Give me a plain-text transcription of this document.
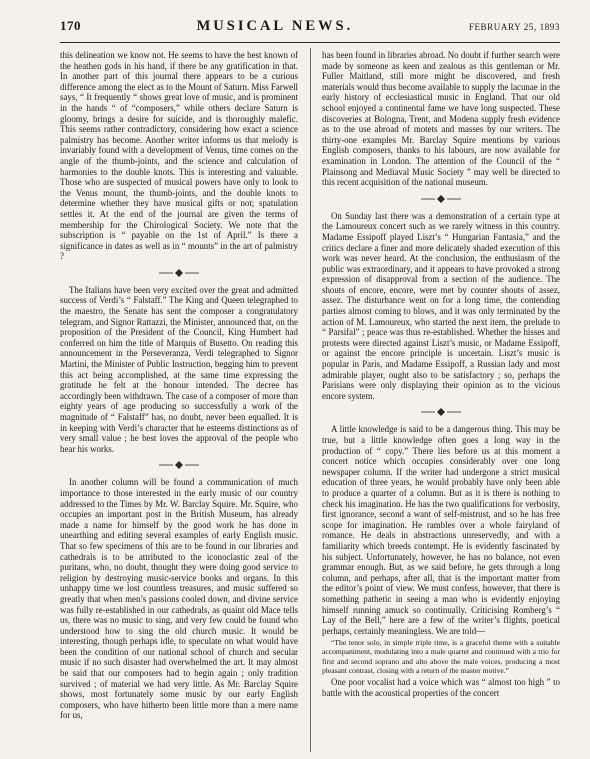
170	MUSICAL NEWS.	FEBRUARY 25, 1893

this delineation we know not. He seems to have the best known of the heathen gods in his hand, if there be any gratification in that. In another part of this journal there appears to be a curious difference among the elect as to the Mount of Saturn. Miss Farwell says, “ It frequently “ shows great love of music, and is prominent in the hands “ of “composers,” while others declare Saturn is gloomy, brings a desire for suicide, and is thoroughly malefic. This seems rather contradictory, considering how exact a science palmistry has become. Another writer informs us that melody is invariably found with a development of Venus, time comes on the angle of the thumb-joints, and the science and calculation of harmonies to the double knots. This is interesting and valuable. Those who are suspected of musical powers have only to look to the Venus mount, the thumb-joints, and the double knots to determine whether they have musical gifts or not; spatulation settles it. At the end of the journal are given the terms of membership for the Chirological Society. We note that the subscription is “ payable on the 1st of April.” Is there a significance in dates as well as in “ mounts” in the art of palmistry ?

The Italians have been very excited over the great and admitted success of Verdi’s “ Falstaff.” The King and Queen telegraphed to the maestro, the Senate has sent the composer a congratulatory telegram, and Signor Rattazzi, the Minister, announced that, on the proposition of the President of the Council, King Humbert had conferred on him the title of Marquis of Busetto. On reading this announcement in the Perseveranza, Verdi telegraphed to Signor Martini, the Minister of Public Instruction, begging him to prevent this act being accomplished, at the same time expressing the gratitude he felt at the honour intended. The decree has accordingly been withdrawn. The case of a composer of more than eighty years of age producing so successfully a work of the magnitude of “ Falstaff” has, no doubt, never been equalled. It is in keeping with Verdi’s character that he esteems distinctions as of very small value ; he best loves the approval of the people who hear his works.

In another column will be found a communication of much importance to those interested in the early music of our country addressed to the Times by Mr. W. Barclay Squire. Mr. Squire, who occupies an important post in the British Museum, has already made a name for himself by the good work he has done in unearthing and editing several examples of early English music. That so few specimens of this are to be found in our libraries and cathedrals is to be attributed to the iconoclastic zeal of the puritans, who, no doubt, thought they were doing good service to religion by destroying music-service books and organs. In this unhappy time we lost countless treasures, and music suffered so greatly that when men’s passions cooled down, and divine service was fully re-established in our cathedrals, as quaint old Mace tells us, there was no music to sing, and very few could be found who understood how to sing the old church music. It would be interesting, though perhaps idle, to speculate on what would have been the condition of our national school of church and secular music if no such disaster had overwhelmed the art. It may almost be said that our composers had to begin again ; only tradition survived ; of material we had very little. As Mr. Barclay Squire shows, most fortunately some music by our early English composers, who have hitherto been little more than a mere name for us,

has been found in libraries abroad. No doubt if further search were made by someone as keen and zealous as this gentleman or Mr. Fuller Maitland, still more might be discovered, and fresh materials would thus become available to supply the lacunae in the early history of ecclesiastical music in England. That our old school enjoyed a continental fame we have long suspected. These discoveries at Bologna, Trent, and Modena supply fresh evidence as to the use abroad of motets and masses by our writers. The thirty-one examples Mr. Barclay Squire mentions by various English composers, thanks to his labours, are now available for examination in London. The attention of the Council of the “ Plainsong and Mediaval Music Society ” may well be directed to this recent acquisition of the national museum.

On Sunday last there was a demonstration of a certain type at the Lamoureux concert such as we rarely witness in this country. Madame Essipoff played Liszt’s “ Hungarian Fantasia,” and the critics declare a finer and more delicately shaded execution of this work was never heard. At the conclusion, the enthusiasm of the public was extraordinary, and it appears to have provoked a strong expression of disapproval from a section of the audience. The shouts of encore, encore, were met by counter shouts of assez, assez. The disturbance went on for a long time, the contending parties almost coming to blows, and it was only terminated by the action of M. Lamoureux, who started the next item, the prelude to “ Parsifal” ; peace was thus re-established. Whether the hisses and protests were directed against Liszt’s music, or Madame Essipoff, or against the encore principle is uncertain. Liszt’s music is popular in Paris, and Madame Essipoff, a Russian lady and most admirable player, ought also to be satisfactory ; so, perhaps the Parisians were only displaying their opinion as to the vicious encore system.

A little knowledge is said to be a dangerous thing. This may be true, but a little knowledge often goes a long way in the production of “ copy.” There lies before us at this moment a concert notice which occupies considerably over one long newspaper column. If the writer had undergone a strict musical education of three years, he would probably have only been able to produce a quarter of a column. But as it is there is nothing to check his imagination. He has the two qualifications for verbosity, first ignorance, second a want of self-mistrust, and so he has free scope for imagination. He rambles over a whole fairyland of romance. He deals in abstractions unreservedly, and with a familiarity which breeds contempt. He is evidently fascinated by his subject. Unfortunately, however, he has no balance, not even grammar enough. But, as we said before, he gets through a long column, and perhaps, after all, that is the important matter from the editor’s point of view. We must confess, however, that there is something pathetic in seeing a man who is evidently enjoying himself running amuck so continually. Criticising Romberg’s “ Lay of the Bell,” here are a few of the writer’s flights, poetical perhaps, certainly meaningless. We are told—

“The tenor solo, in simple triple time, is a graceful theme with a suitable accompaniment, modulating into a male quartet and continued with a trio for first and second soprano and alto above the male voices, producing a most pleasant contrast, closing with a return of the master motive.”

One poor vocalist had a voice which was “ almost too high ” to battle with the acoustical properties of the concert
